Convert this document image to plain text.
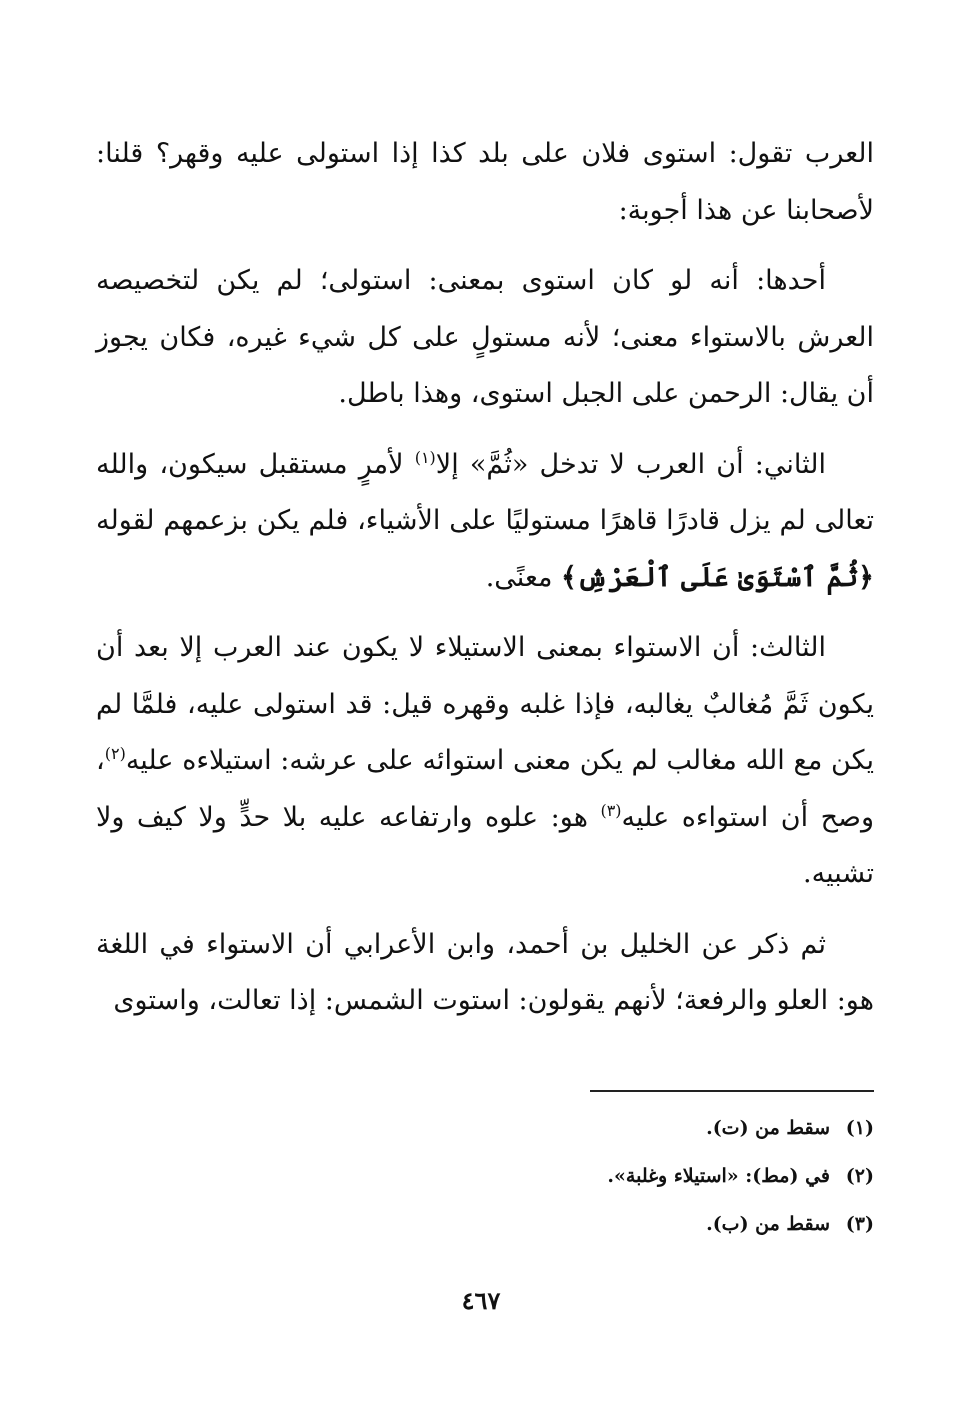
العرب تقول: استوى فلان على بلد كذا إذا استولى عليه وقهر؟ قلنا: لأصحابنا عن هذا أجوبة:

أحدها: أنه لو كان استوى بمعنى: استولى؛ لم يكن لتخصيصه العرش بالاستواء معنى؛ لأنه مستولٍ على كل شيء غيره، فكان يجوز أن يقال: الرحمن على الجبل استوى، وهذا باطل.

الثاني: أن العرب لا تدخل «ثُمَّ» إلا$^{(١)}$ لأمرٍ مستقبل سيكون، والله تعالى لم يزل قادرًا قاهرًا مستوليًا على الأشياء، فلم يكن بزعمهم لقوله ﴿ثُمَّ ٱسْتَوَىٰ عَلَى ٱلْعَرْشِ﴾ معنًى.

الثالث: أن الاستواء بمعنى الاستيلاء لا يكون عند العرب إلا بعد أن يكون ثَمَّ مُغالبٌ يغالبه، فإذا غلبه وقهره قيل: قد استولى عليه، فلمَّا لم يكن مع الله مغالب لم يكن معنى استوائه على عرشه: استيلاءه عليه$^{(٢)}$، وصح أن استواءه عليه$^{(٣)}$ هو: علوه وارتفاعه عليه بلا حدٍّ ولا كيف ولا تشبيه.

ثم ذكر عن الخليل بن أحمد، وابن الأعرابي أن الاستواء في اللغة هو: العلو والرفعة؛ لأنهم يقولون: استوت الشمس: إذا تعالت، واستوى

(١)
سقط من (ت).
(٢)
في (مط): «استيلاء وغلبة».
(٣)
سقط من (ب).
٤٦٧
